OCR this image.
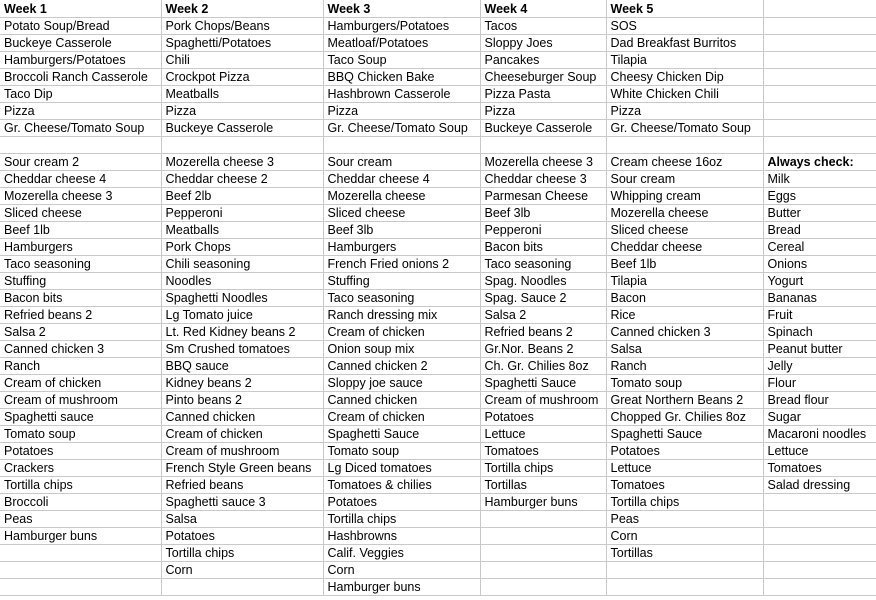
Week 1	Week 2	Week 3	Week 4	Week 5	
Potato Soup/Bread	Pork Chops/Beans	Hamburgers/Potatoes	Tacos	SOS	
Buckeye Casserole	Spaghetti/Potatoes	Meatloaf/Potatoes	Sloppy Joes	Dad Breakfast Burritos	
Hamburgers/Potatoes	Chili	Taco Soup	Pancakes	Tilapia	
Broccoli Ranch Casserole	Crockpot Pizza	BBQ Chicken Bake	Cheeseburger Soup	Cheesy Chicken Dip	
Taco Dip	Meatballs	Hashbrown Casserole	Pizza Pasta	White Chicken Chili	
Pizza	Pizza	Pizza	Pizza	Pizza	
Gr. Cheese/Tomato Soup	Buckeye Casserole	Gr. Cheese/Tomato Soup	Buckeye Casserole	Gr. Cheese/Tomato Soup	

Sour cream 2	Mozerella cheese 3	Sour cream	Mozerella cheese 3	Cream cheese 16oz	Always check:
Cheddar cheese 4	Cheddar cheese 2	Cheddar cheese 4	Cheddar cheese 3	Sour cream	Milk
Mozerella cheese 3	Beef 2lb	Mozerella cheese	Parmesan Cheese	Whipping cream	Eggs
Sliced cheese	Pepperoni	Sliced cheese	Beef 3lb	Mozerella cheese	Butter
Beef 1lb	Meatballs	Beef 3lb	Pepperoni	Sliced cheese	Bread
Hamburgers	Pork Chops	Hamburgers	Bacon bits	Cheddar cheese	Cereal
Taco seasoning	Chili seasoning	French Fried onions 2	Taco seasoning	Beef 1lb	Onions
Stuffing	Noodles	Stuffing	Spag. Noodles	Tilapia	Yogurt
Bacon bits	Spaghetti Noodles	Taco seasoning	Spag. Sauce 2	Bacon	Bananas
Refried beans 2	Lg Tomato juice	Ranch dressing mix	Salsa 2	Rice	Fruit
Salsa 2	Lt. Red Kidney beans 2	Cream of chicken	Refried beans 2	Canned chicken 3	Spinach
Canned chicken 3	Sm Crushed tomatoes	Onion soup mix	Gr.Nor. Beans 2	Salsa	Peanut butter
Ranch	BBQ sauce	Canned chicken 2	Ch. Gr. Chilies 8oz	Ranch	Jelly
Cream of chicken	Kidney beans 2	Sloppy joe sauce	Spaghetti Sauce	Tomato soup	Flour
Cream of mushroom	Pinto beans 2	Canned chicken	Cream of mushroom	Great Northern Beans 2	Bread flour
Spaghetti sauce	Canned chicken	Cream of chicken	Potatoes	Chopped Gr. Chilies 8oz	Sugar
Tomato soup	Cream of chicken	Spaghetti Sauce	Lettuce	Spaghetti Sauce	Macaroni noodles
Potatoes	Cream of mushroom	Tomato soup	Tomatoes	Potatoes	Lettuce
Crackers	French Style Green beans	Lg Diced tomatoes	Tortilla chips	Lettuce	Tomatoes
Tortilla chips	Refried beans	Tomatoes & chilies	Tortillas	Tomatoes	Salad dressing
Broccoli	Spaghetti sauce 3	Potatoes	Hamburger buns	Tortilla chips	
Peas	Salsa	Tortilla chips		Peas	
Hamburger buns	Potatoes	Hashbrowns		Corn	
	Tortilla chips	Calif. Veggies		Tortillas	
	Corn	Corn			
		Hamburger buns			
